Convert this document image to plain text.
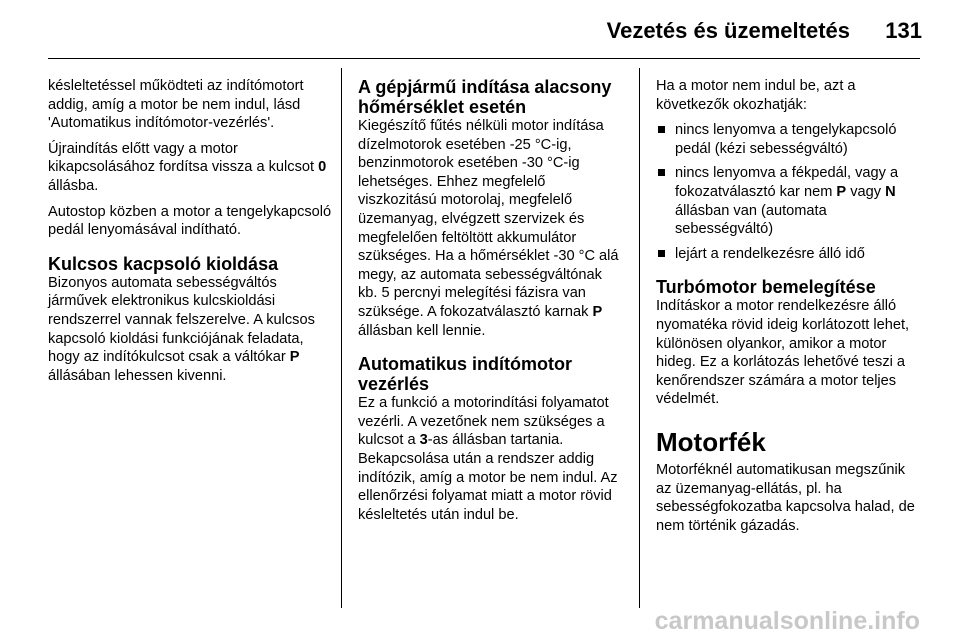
Vezetés és üzemeltetés 131

késleltetéssel működteti az indítómotort addig, amíg a motor be nem indul, lásd 'Automatikus indítómotor-vezérlés'.

Újraindítás előtt vagy a motor kikapcsolásához fordítsa vissza a kulcsot 0 állásba.

Autostop közben a motor a tengelykapcsoló pedál lenyomásával indítható.

Kulcsos kacpsoló kioldása

Bizonyos automata sebességváltós járművek elektronikus kulcskioldási rendszerrel vannak felszerelve. A kulcsos kapcsoló kioldási funkciójának feladata, hogy az indítókulcsot csak a váltókar P állásában lehessen kivenni.

A gépjármű indítása alacsony hőmérséklet esetén

Kiegészítő fűtés nélküli motor indítása dízelmotorok esetében -25 °C-ig, benzinmotorok esetében -30 °C-ig lehetséges. Ehhez megfelelő viszkozitású motorolaj, megfelelő üzemanyag, elvégzett szervizek és megfelelően feltöltött akkumulátor szükséges. Ha a hőmérséklet -30 °C alá megy, az automata sebességváltónak kb. 5 percnyi melegítési fázisra van szüksége. A fokozatválasztó karnak P állásban kell lennie.

Automatikus indítómotor vezérlés

Ez a funkció a motorindítási folyamatot vezérli. A vezetőnek nem szükséges a kulcsot a 3-as állásban tartania. Bekapcsolása után a rendszer addig indítózik, amíg a motor be nem indul. Az ellenőrzési folyamat miatt a motor rövid késleltetés után indul be.

Ha a motor nem indul be, azt a következők okozhatják:

nincs lenyomva a tengelykapcsoló pedál (kézi sebességváltó)
nincs lenyomva a fékpedál, vagy a fokozatválasztó kar nem P vagy N állásban van (automata sebességváltó)
lejárt a rendelkezésre álló idő
Turbómotor bemelegítése

Indításkor a motor rendelkezésre álló nyomatéka rövid ideig korlátozott lehet, különösen olyankor, amikor a motor hideg. Ez a korlátozás lehetővé teszi a kenőrendszer számára a motor teljes védelmét.

Motorfék

Motorféknél automatikusan megszűnik az üzemanyag-ellátás, pl. ha sebességfokozatba kapcsolva halad, de nem történik gázadás.

carmanualsonline.info
